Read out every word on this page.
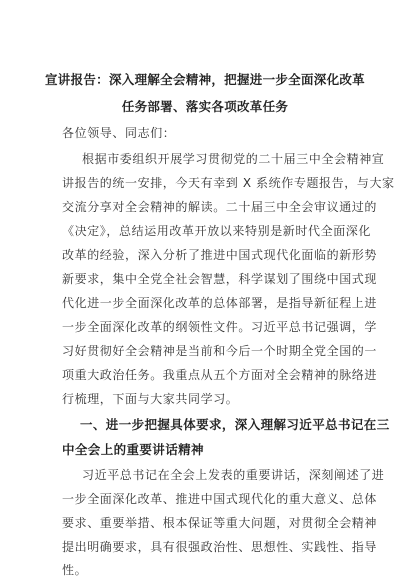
宣讲报告：深入理解全会精神，把握进一步全面深化改革
任务部署、落实各项改革任务
各位领导、同志们：
根据市委组织开展学习贯彻党的二十届三中全会精神宣
讲报告的统一安排，今天有幸到 X 系统作专题报告，与大家
交流分享对全会精神的解读。二十届三中全会审议通过的
《决定》，总结运用改革开放以来特别是新时代全面深化
改革的经验，深入分析了推进中国式现代化面临的新形势
新要求，集中全党全社会智慧，科学谋划了围绕中国式现
代化进一步全面深化改革的总体部署，是指导新征程上进
一步全面深化改革的纲领性文件。习近平总书记强调，学
习好贯彻好全会精神是当前和今后一个时期全党全国的一
项重大政治任务。我重点从五个方面对全会精神的脉络进
行梳理，下面与大家共同学习。
一、进一步把握具体要求，深入理解习近平总书记在三
中全会上的重要讲话精神
习近平总书记在全会上发表的重要讲话，深刻阐述了进
一步全面深化改革、推进中国式现代化的重大意义、总体
要求、重要举措、根本保证等重大问题，对贯彻全会精神
提出明确要求，具有很强政治性、思想性、实践性、指导
性。
